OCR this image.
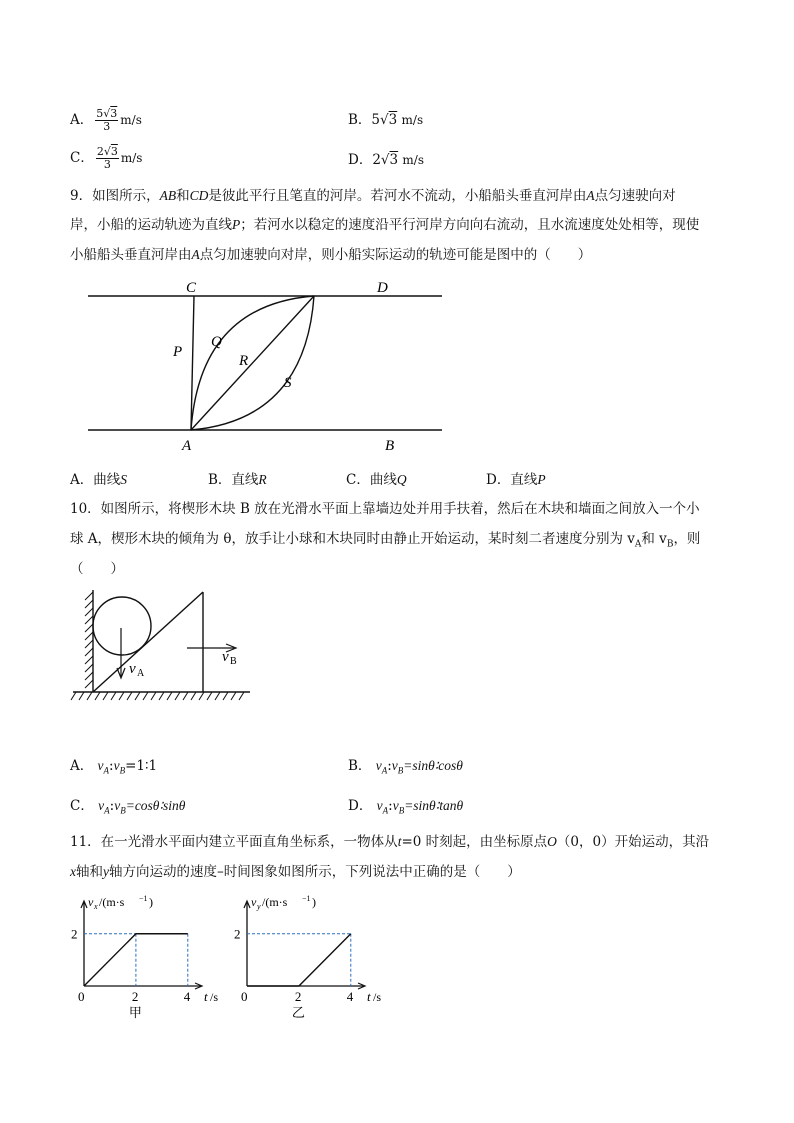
A． $\frac{5√3}{3} m/s$	B．5√3 m/s
C． $\frac{2√3}{3} m/s$	D．2√3 m/s
9．如图所示，AB和CD是彼此平行且笔直的河岸。若河水不流动，小船船头垂直河岸由A点匀速驶向对
岸，小船的运动轨迹为直线P；若河水以稳定的速度沿平行河岸方向向右流动，且水流速度处处相等，现使
小船船头垂直河岸由A点匀加速驶向对岸，则小船实际运动的轨迹可能是图中的（　　）
C	D
P
Q
R
S
A	B
A．曲线S	B．直线R	C．曲线Q	D．直线P
10．如图所示，将楔形木块 B 放在光滑水平面上靠墙边处并用手扶着，然后在木块和墙面之间放入一个小
球 A，楔形木块的倾角为 θ，放手让小球和木块同时由静止开始运动，某时刻二者速度分别为 $v_A$和 $v_B$，则
（　　）
v A
v B
A． $v_A:v_B=1∶1$	B． $v_A:v_B=\sin\theta∶\cos\theta$
C． $v_A:v_B=\cos\theta∶\sin\theta$	D． $v_A:v_B=\sin\theta∶\tan\theta$
11．在一光滑水平面内建立平面直角坐标系，一物体从t=0 时刻起，由坐标原点O（0，0）开始运动，其沿
x轴和y轴方向运动的速度–时间图象如图所示，下列说法中正确的是（　　）
0	2	4
2
t /s
v x /(m·s −1 )
甲
0	2	4
2
t /s
v y /(m·s −1 )
乙
